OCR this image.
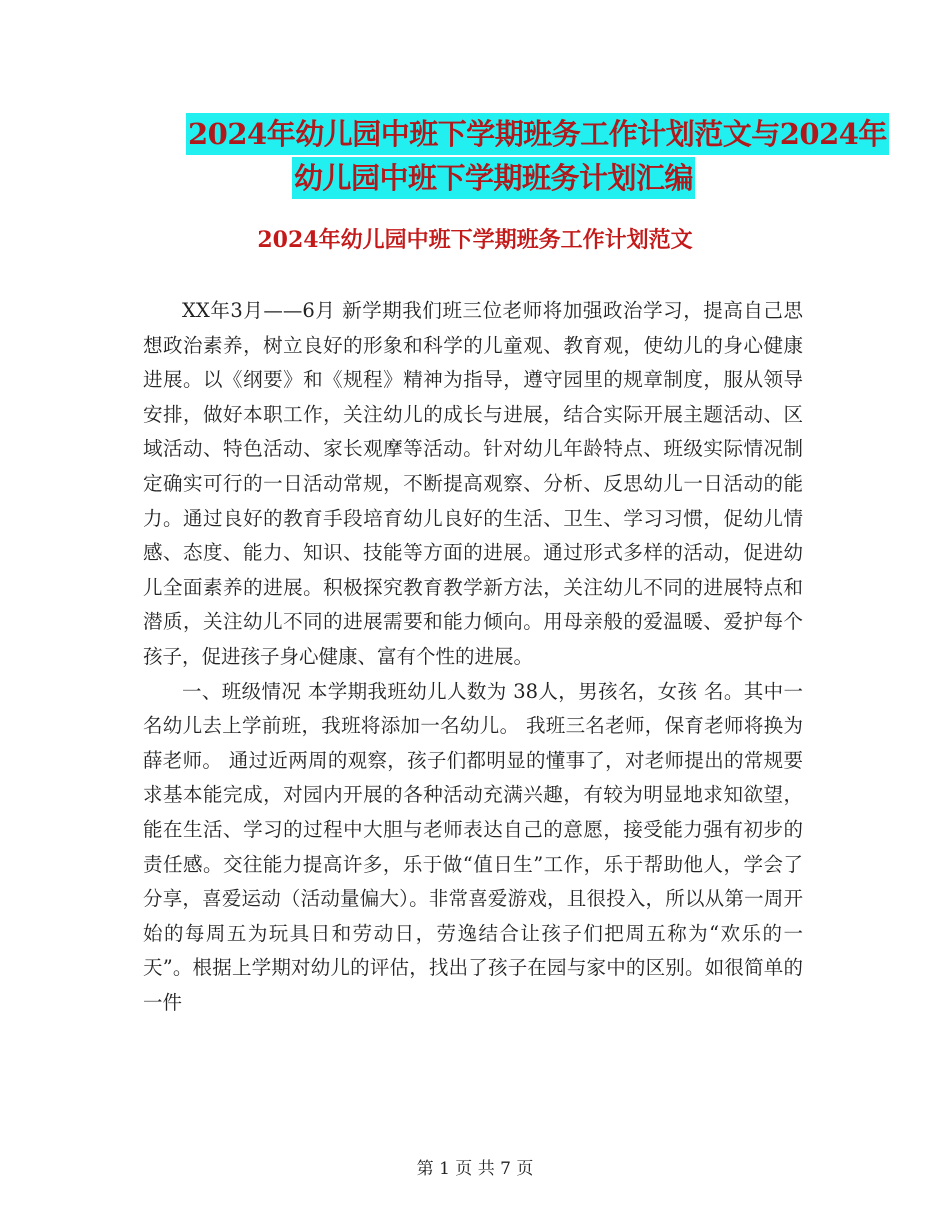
2024年幼儿园中班下学期班务工作计划范文与2024年
幼儿园中班下学期班务计划汇编
2024年幼儿园中班下学期班务工作计划范文

XX年3月——6月 新学期我们班三位老师将加强政治学习，提高自己思想政治素养，树立良好的形象和科学的儿童观、教育观，使幼儿的身心健康进展。以《纲要》和《规程》精神为指导，遵守园里的规章制度，服从领导安排，做好本职工作，关注幼儿的成长与进展，结合实际开展主题活动、区域活动、特色活动、家长观摩等活动。针对幼儿年龄特点、班级实际情况制定确实可行的一日活动常规，不断提高观察、分析、反思幼儿一日活动的能力。通过良好的教育手段培育幼儿良好的生活、卫生、学习习惯，促幼儿情感、态度、能力、知识、技能等方面的进展。通过形式多样的活动，促进幼儿全面素养的进展。积极探究教育教学新方法，关注幼儿不同的进展特点和潜质，关注幼儿不同的进展需要和能力倾向。用母亲般的爱温暖、爱护每个孩子，促进孩子身心健康、富有个性的进展。

一、班级情况 本学期我班幼儿人数为 38人，男孩名，女孩 名。其中一名幼儿去上学前班，我班将添加一名幼儿。 我班三名老师，保育老师将换为薛老师。 通过近两周的观察，孩子们都明显的懂事了，对老师提出的常规要求基本能完成，对园内开展的各种活动充满兴趣，有较为明显地求知欲望，能在生活、学习的过程中大胆与老师表达自己的意愿，接受能力强有初步的责任感。交往能力提高许多，乐于做“值日生”工作，乐于帮助他人，学会了分享，喜爱运动（活动量偏大）。非常喜爱游戏，且很投入，所以从第一周开始的每周五为玩具日和劳动日，劳逸结合让孩子们把周五称为“欢乐的一天”。根据上学期对幼儿的评估，找出了孩子在园与家中的区别。如很简单的一件

第 1 页 共 7 页
